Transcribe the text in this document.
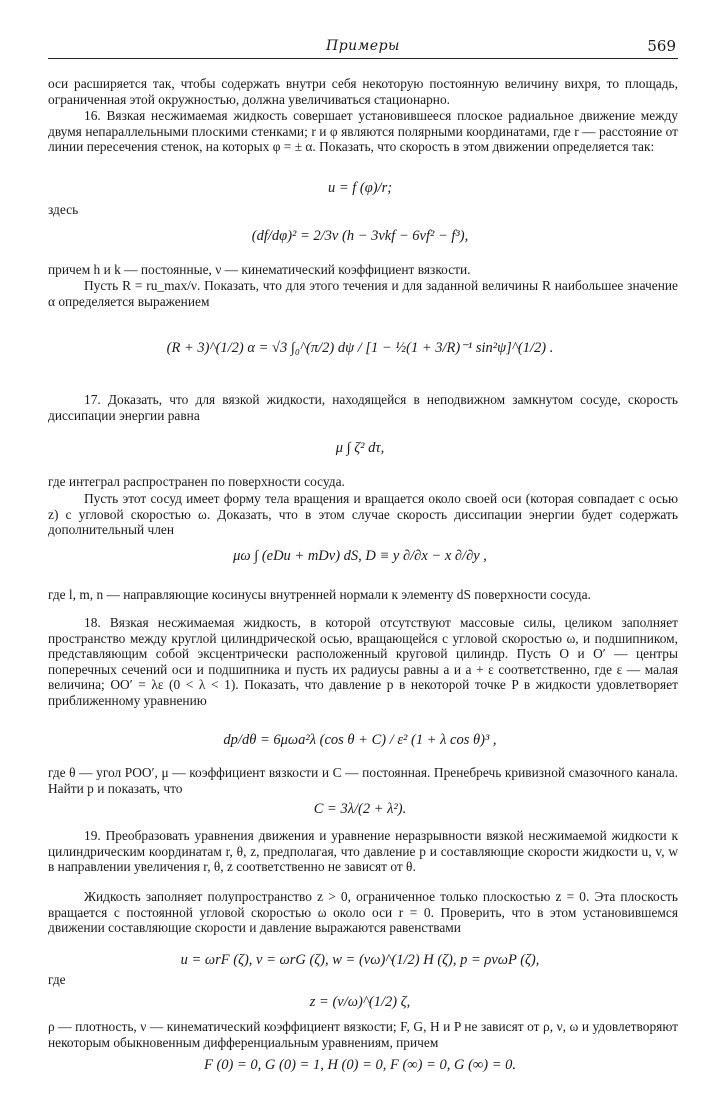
Примеры	569
оси расширяется так, чтобы содержать внутри себя некоторую постоянную величину вихря, то площадь, ограниченная этой окружностью, должна увеличиваться стационарно.
16. Вязкая несжимаемая жидкость совершает установившееся плоское радиальное движение между двумя непараллельными плоскими стенками; r и φ являются полярными координатами, где r — расстояние от линии пересечения стенок, на которых φ = ± α. Показать, что скорость в этом движении определяется так:
u = f (φ)/r;
здесь
(df/dφ)² = 2/3ν (h − 3νkf − 6νf² − f³),
причем h и k — постоянные, ν — кинематический коэффициент вязкости.
Пусть R = ru_max/ν. Показать, что для этого течения и для заданной величины R наибольшее значение α определяется выражением
(R + 3)^(1/2) α = √3 ∫₀^(π/2) dψ / [1 − ½(1 + 3/R)⁻¹ sin²ψ]^(1/2) .
17. Доказать, что для вязкой жидкости, находящейся в неподвижном замкнутом сосуде, скорость диссипации энергии равна
μ ∫ ζ² dτ,
где интеграл распространен по поверхности сосуда.
Пусть этот сосуд имеет форму тела вращения и вращается около своей оси (которая совпадает с осью z) с угловой скоростью ω. Доказать, что в этом случае скорость диссипации энергии будет содержать дополнительный член
μω ∫ (eDu + mDv) dS, D ≡ y ∂/∂x − x ∂/∂y ,
где l, m, n — направляющие косинусы внутренней нормали к элементу dS поверхности сосуда.
18. Вязкая несжимаемая жидкость, в которой отсутствуют массовые силы, целиком заполняет пространство между круглой цилиндрической осью, вращающейся с угловой скоростью ω, и подшипником, представляющим собой эксцентрически расположенный круговой цилиндр. Пусть O и O′ — центры поперечных сечений оси и подшипника и пусть их радиусы равны a и a + ε соответственно, где ε — малая величина; OO′ = λε (0 < λ < 1). Показать, что давление p в некоторой точке P в жидкости удовлетворяет приближенному уравнению
dp/dθ = 6μωa²λ (cos θ + C) / ε² (1 + λ cos θ)³ ,
где θ — угол POO′, μ — коэффициент вязкости и C — постоянная. Пренебречь кривизной смазочного канала. Найти p и показать, что
C = 3λ/(2 + λ²).
19. Преобразовать уравнения движения и уравнение неразрывности вязкой несжимаемой жидкости к цилиндрическим координатам r, θ, z, предполагая, что давление p и составляющие скорости жидкости u, v, w в направлении увеличения r, θ, z соответственно не зависят от θ.
Жидкость заполняет полупространство z > 0, ограниченное только плоскостью z = 0. Эта плоскость вращается с постоянной угловой скоростью ω около оси r = 0. Проверить, что в этом установившемся движении составляющие скорости и давление выражаются равенствами
u = ωrF (ζ), v = ωrG (ζ), w = (νω)^(1/2) H (ζ), p = ρνωP (ζ),
где
z = (ν/ω)^(1/2) ζ,
ρ — плотность, ν — кинематический коэффициент вязкости; F, G, H и P не зависят от ρ, ν, ω и удовлетворяют некоторым обыкновенным дифференциальным уравнениям, причем
F (0) = 0, G (0) = 1, H (0) = 0, F (∞) = 0, G (∞) = 0.
